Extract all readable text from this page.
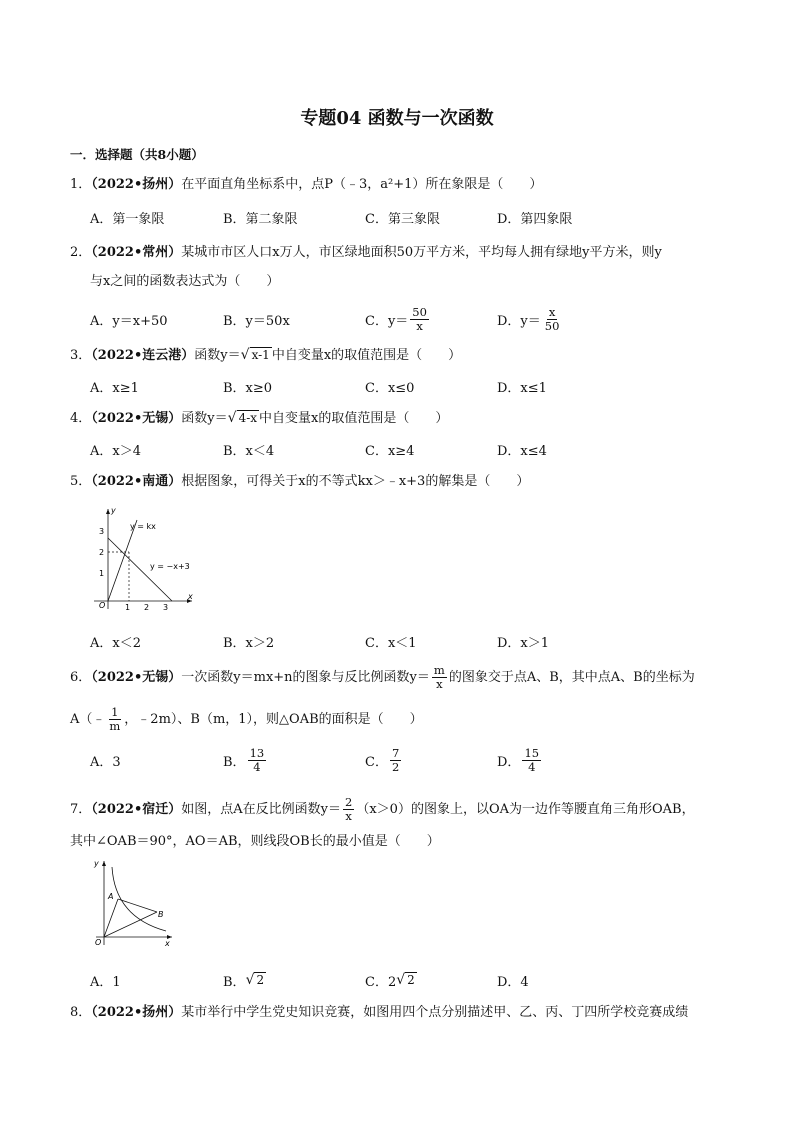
专题04 函数与一次函数
一．选择题（共8小题）
1．（2022•扬州）在平面直角坐标系中，点P（﹣3，a²+1）所在象限是（　　）
A．第一象限	B．第二象限	C．第三象限	D．第四象限
2．（2022•常州）某城市市区人口x万人，市区绿地面积50万平方米，平均每人拥有绿地y平方米，则y
与x之间的函数表达式为（　　）
A．y＝x+50	B．y＝50x	C．$y= \frac{50}{x}$	D．$y= \frac{x}{50}$
3．（2022•连云港）函数y＝√ x-1 中自变量x的取值范围是（　　）
A．x≥1	B．x≥0	C．x≤0	D．x≤1
4．（2022•无锡）函数y＝√ 4-x 中自变量x的取值范围是（　　）
A．x＞4	B．x＜4	C．x≥4	D．x≤4
5．（2022•南通）根据图象，可得关于x的不等式kx＞﹣x+3的解集是（　　）
y
x
O
1
2
3
1 2 3
y = kx
y = −x+3
A．x＜2	B．x＞2	C．x＜1	D．x＞1
6．（2022•无锡）一次函数y＝mx+n的图象与反比例函数$y= \frac{m}{x}$ 的图象交于点A、B，其中点A、B的坐标为
A（﹣ $\frac{1}{m}$ ，﹣2m）、B（m，1），则△OAB的面积是（　　）
A．3	B． $\frac{13}{4}$	C． $\frac{7}{2}$	D． $\frac{15}{4}$
7．（2022•宿迁）如图，点A在反比例函数$y= \frac{2}{x} (x>0)$的图象上，以OA为一边作等腰直角三角形OAB，
其中∠OAB＝90°，AO＝AB，则线段OB长的最小值是（　　）
y
x
O
A
B
A．1	B． √ 2	C．2 √ 2	D．4
8．（2022•扬州）某市举行中学生党史知识竞赛，如图用四个点分别描述甲、乙、丙、丁四所学校竞赛成绩
